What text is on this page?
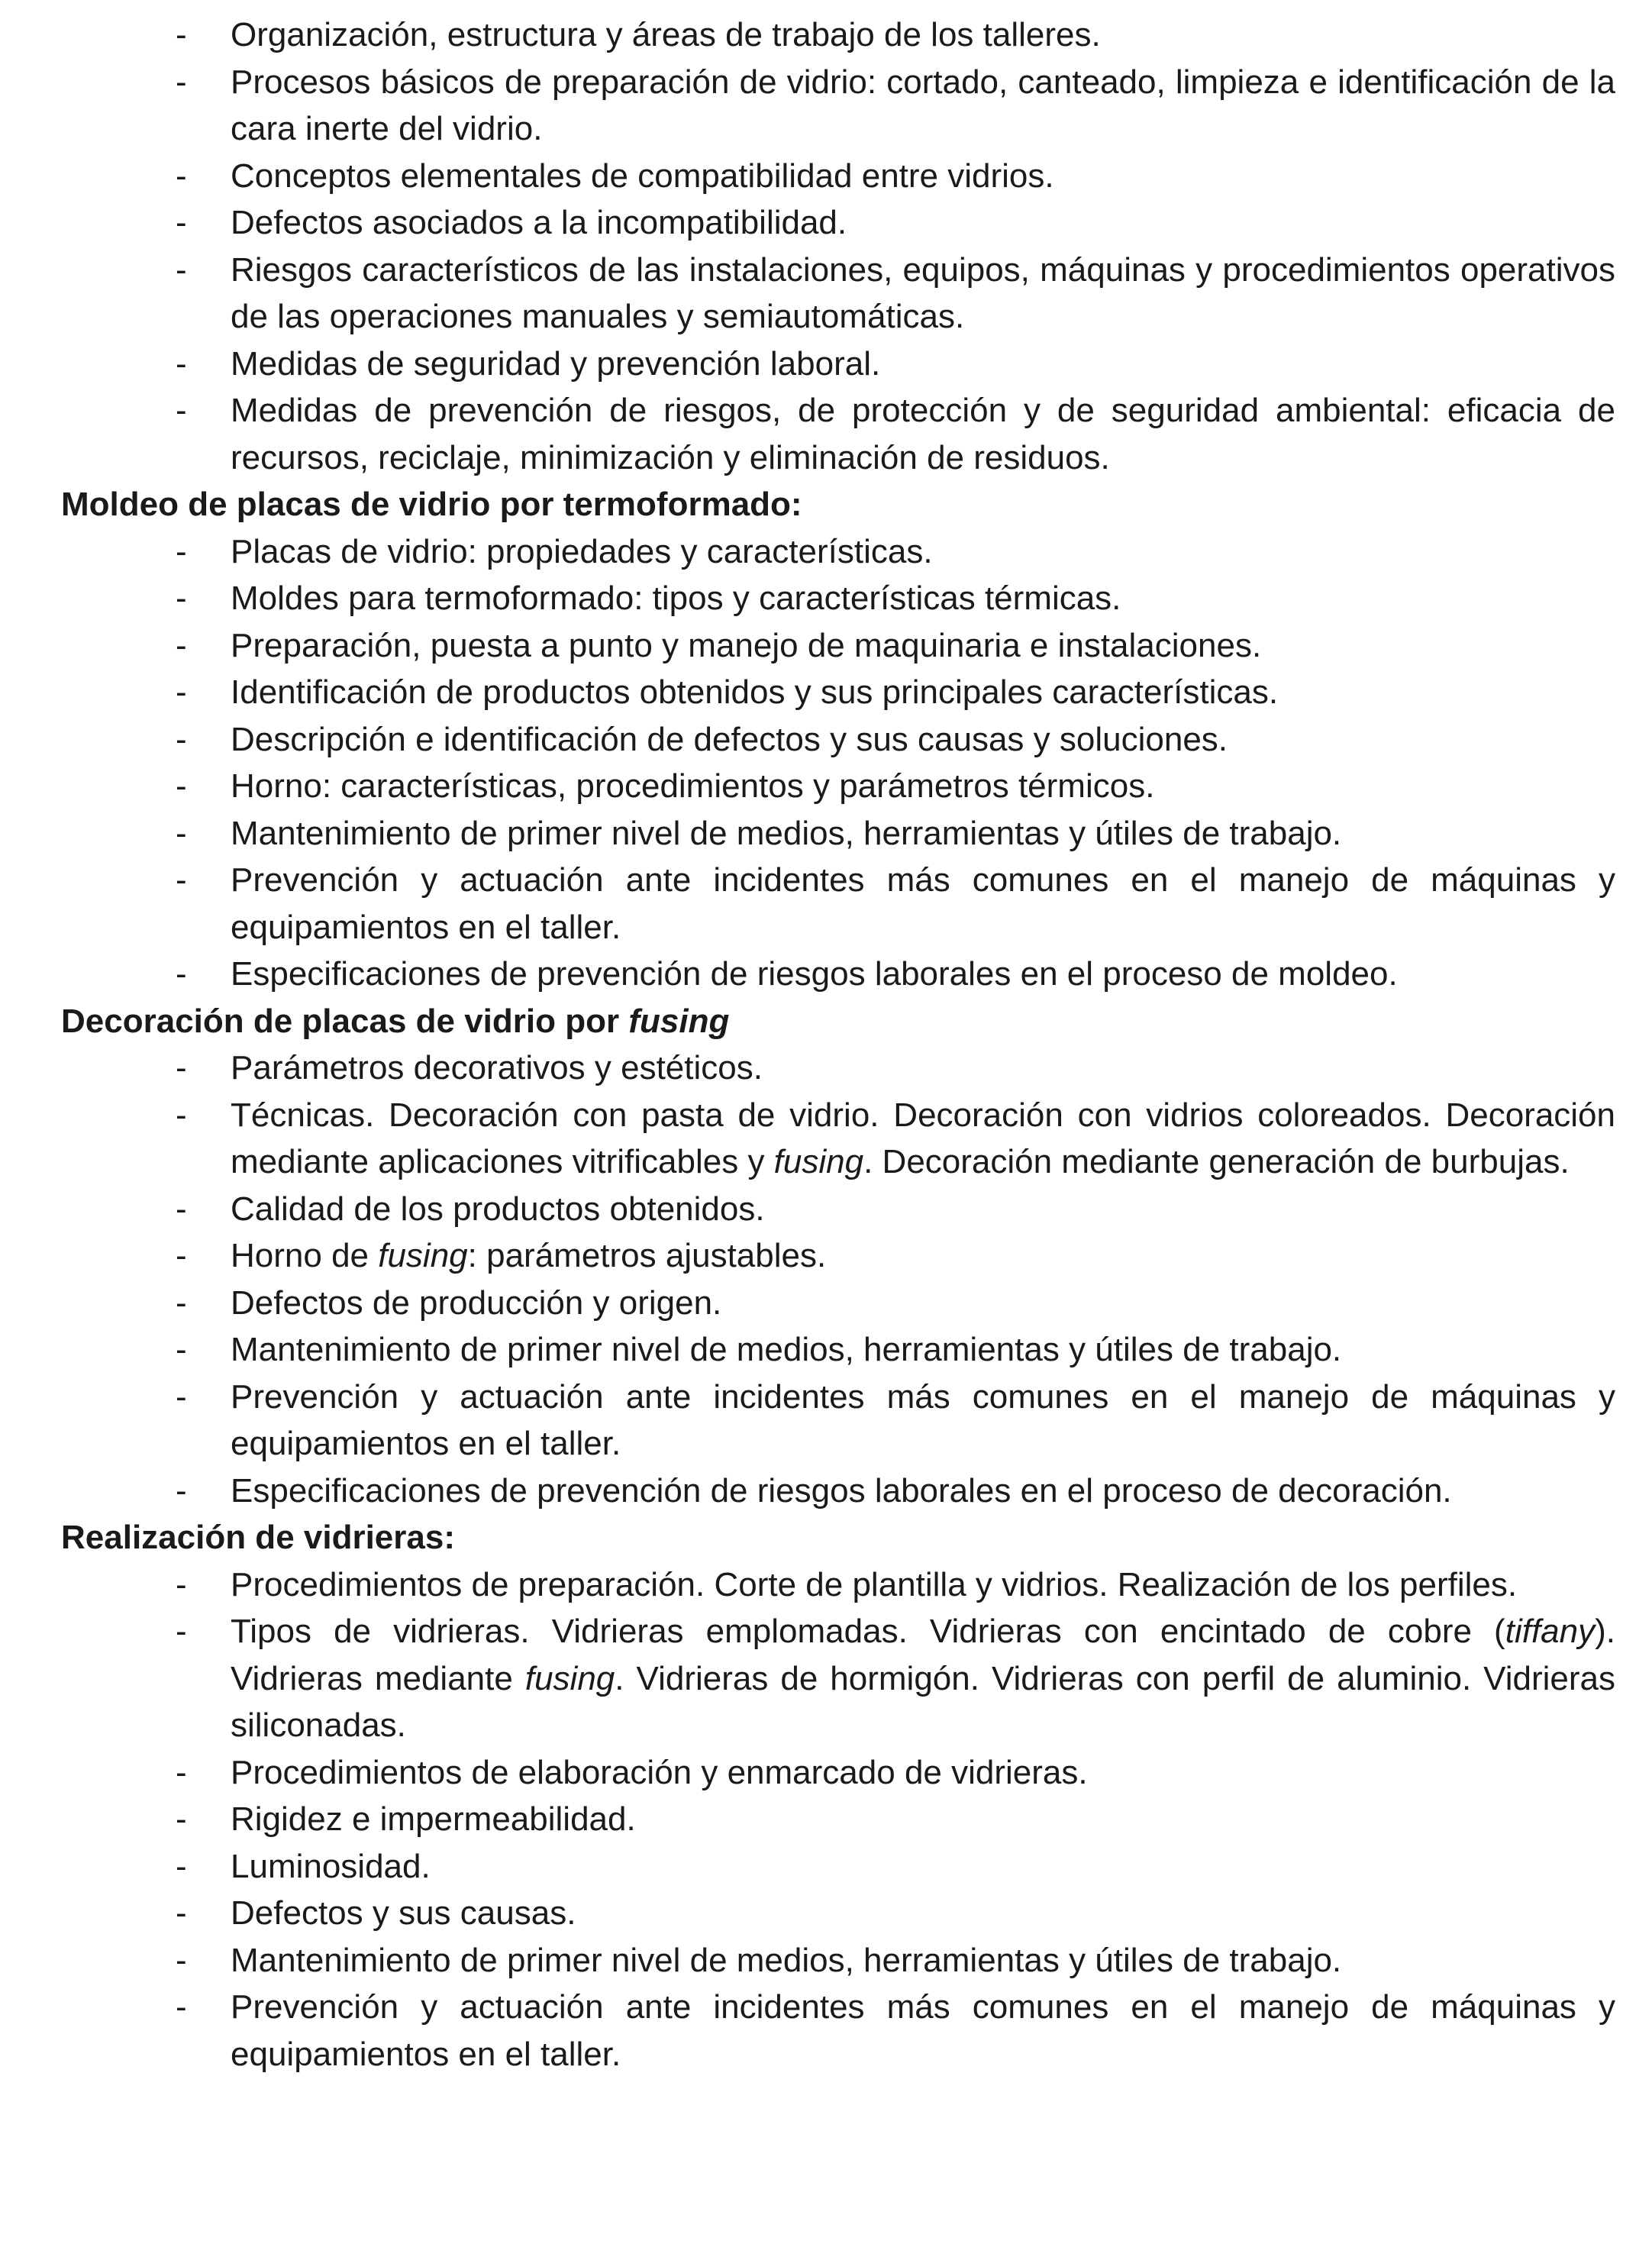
- Organización, estructura y áreas de trabajo de los talleres.
- Procesos básicos de preparación de vidrio: cortado, canteado, limpieza e identificación de la cara inerte del vidrio.
- Conceptos elementales de compatibilidad entre vidrios.
- Defectos asociados a la incompatibilidad.
- Riesgos característicos de las instalaciones, equipos, máquinas y procedimientos operativos de las operaciones manuales y semiautomáticas.
- Medidas de seguridad y prevención laboral.
- Medidas de prevención de riesgos, de protección y de seguridad ambiental: eficacia de recursos, reciclaje, minimización y eliminación de residuos.
Moldeo de placas de vidrio por termoformado:
- Placas de vidrio: propiedades y características.
- Moldes para termoformado: tipos y características térmicas.
- Preparación, puesta a punto y manejo de maquinaria e instalaciones.
- Identificación de productos obtenidos y sus principales características.
- Descripción e identificación de defectos y sus causas y soluciones.
- Horno: características, procedimientos y parámetros térmicos.
- Mantenimiento de primer nivel de medios, herramientas y útiles de trabajo.
- Prevención y actuación ante incidentes más comunes en el manejo de máquinas y equipamientos en el taller.
- Especificaciones de prevención de riesgos laborales en el proceso de moldeo.
Decoración de placas de vidrio por fusing
- Parámetros decorativos y estéticos.
- Técnicas. Decoración con pasta de vidrio. Decoración con vidrios coloreados. Decoración mediante aplicaciones vitrificables y fusing. Decoración mediante generación de burbujas.
- Calidad de los productos obtenidos.
- Horno de fusing: parámetros ajustables.
- Defectos de producción y origen.
- Mantenimiento de primer nivel de medios, herramientas y útiles de trabajo.
- Prevención y actuación ante incidentes más comunes en el manejo de máquinas y equipamientos en el taller.
- Especificaciones de prevención de riesgos laborales en el proceso de decoración.
Realización de vidrieras:
- Procedimientos de preparación. Corte de plantilla y vidrios. Realización de los perfiles.
- Tipos de vidrieras. Vidrieras emplomadas. Vidrieras con encintado de cobre (tiffany). Vidrieras mediante fusing. Vidrieras de hormigón. Vidrieras con perfil de aluminio. Vidrieras siliconadas.
- Procedimientos de elaboración y enmarcado de vidrieras.
- Rigidez e impermeabilidad.
- Luminosidad.
- Defectos y sus causas.
- Mantenimiento de primer nivel de medios, herramientas y útiles de trabajo.
- Prevención y actuación ante incidentes más comunes en el manejo de máquinas y equipamientos en el taller.
